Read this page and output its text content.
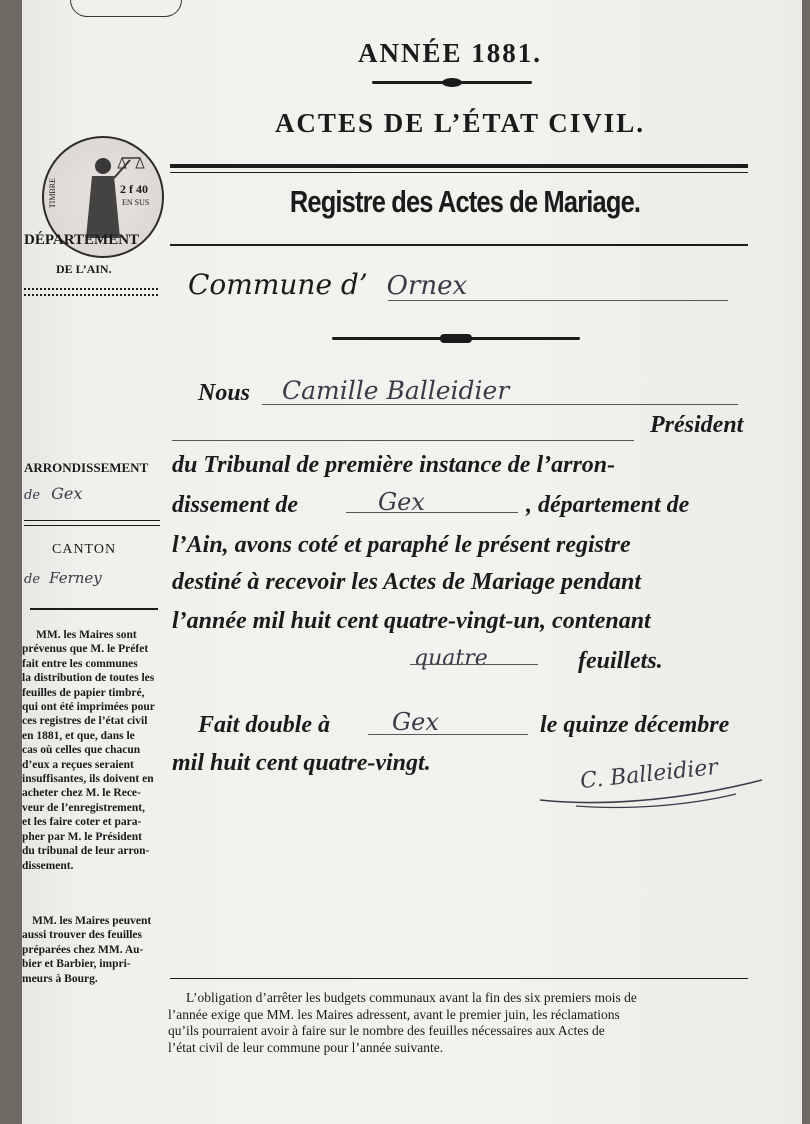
ANNÉE 1881.
ACTES DE L’ÉTAT CIVIL.
Registre des Actes de Mariage.
TIMBRE	2 f 40
EN SUS
DÉPARTEMENT
DE L’AIN.
ARRONDISSEMENT
de Gex
CANTON
de Ferney
MM. les Maires sont
prévenus que M. le Préfet
fait entre les communes
la distribution de toutes les
feuilles de papier timbré,
qui ont été imprimées pour
ces registres de l’état civil
en 1881, et que, dans le
cas où celles que chacun
d’eux a reçues seraient
insuffisantes, ils doivent en
acheter chez M. le Rece-
veur de l’enregistrement,
et les faire coter et para-
pher par M. le Président
du tribunal de leur arron-
dissement.
MM. les Maires peuvent
aussi trouver des feuilles
préparées chez MM. Au-
bier et Barbier, impri-
meurs à Bourg.
Commune d’ Ornex
Nous Camille Balleidier
Président
du Tribunal de première instance de l’arron-
dissement de	Gex	, département de
l’Ain, avons coté et paraphé le présent registre
destiné à recevoir les Actes de Mariage pendant
l’année mil huit cent quatre-vingt-un, contenant
quatre	feuillets.
Fait double à	Gex	le quinze décembre
mil huit cent quatre-vingt.	C. Balleidier
L’obligation d’arrêter les budgets communaux avant la fin des six premiers mois de
l’année exige que MM. les Maires adressent, avant le premier juin, les réclamations
qu’ils pourraient avoir à faire sur le nombre des feuilles nécessaires aux Actes de
l’état civil de leur commune pour l’année suivante.
